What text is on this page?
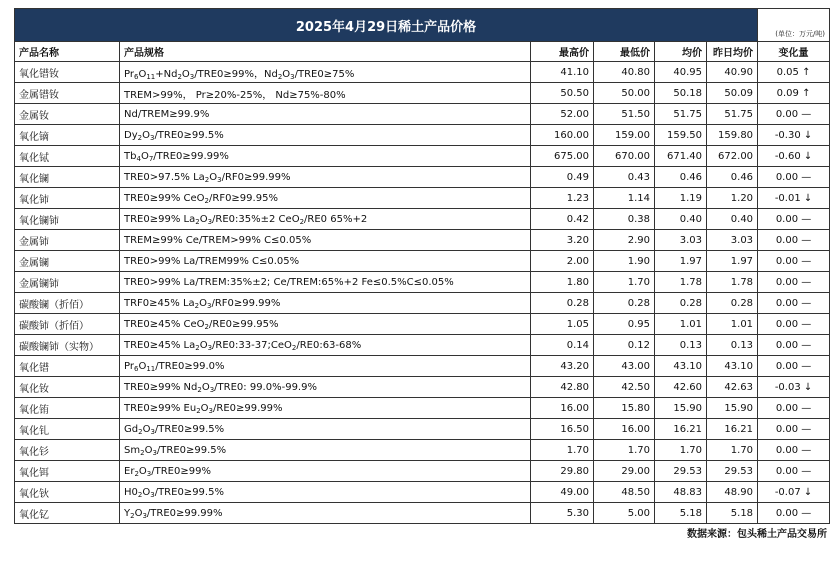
2025年4月29日稀土产品价格						(单位：万元/吨)
产品名称	产品规格	最高价	最低价	均价	昨日均价	变化量
氧化镨钕	$Pr_6O_{11}+Nd_2O_3/TRE0\ge 99\%$，$Nd_2O_3/TRE0\ge 75\%$	41.10	40.80	40.95	40.90	0.05 ↑
金属镨钕	TREM>99%， Pr≥20%-25%， Nd≥75%-80%	50.50	50.00	50.18	50.09	0.09 ↑
金属钕	Nd/TREM≥99.9%	52.00	51.50	51.75	51.75	0.00 —
氧化镝	$Dy_2O_3/TRE0\ge 99.5\%$	160.00	159.00	159.50	159.80	-0.30 ↓
氧化铽	$Tb_4O_7/TRE0\ge 99.99\%$	675.00	670.00	671.40	672.00	-0.60 ↓
氧化镧	TRE0>97.5% $La_2O_3/RF0\ge 99.99\%$	0.49	0.43	0.46	0.46	0.00 —
氧化铈	TRE0≥99% CeO$_2$/RF0≥99.95%	1.23	1.14	1.19	1.20	-0.01 ↓
氧化镧铈	TRE0≥99% $La_2O_3/RE0:35\%\pm 2$ CeO$_2$/RE0 65%+2	0.42	0.38	0.40	0.40	0.00 —
金属铈	TREM≥99% Ce/TREM>99% C≤0.05%	3.20	2.90	3.03	3.03	0.00 —
金属镧	TRE0>99% La/TREM99% C≤0.05%	2.00	1.90	1.97	1.97	0.00 —
金属镧铈	TRE0>99% La/TREM:35%±2; Ce/TREM:65%+2 Fe≤0.5%C≤0.05%	1.80	1.70	1.78	1.78	0.00 —
碳酸镧（折佰）	TRF0≥45% $La_2O_3/RF0\ge 99.99\%$	0.28	0.28	0.28	0.28	0.00 —
碳酸铈（折佰）	TRE0≥45% CeO$_2$/RE0≥99.95%	1.05	0.95	1.01	1.01	0.00 —
碳酸镧铈（实物）	TRE0≥45% $La_2O_3/RE0:33-37;CeO_2/RE0:63-68\%$	0.14	0.12	0.13	0.13	0.00 —
氧化镨	$Pr_6O_{11}/TRE0\ge 99.0\%$	43.20	43.00	43.10	43.10	0.00 —
氧化钕	TRE0≥99% $Nd_2O_3/TRE0$: 99.0%-99.9%	42.80	42.50	42.60	42.63	-0.03 ↓
氧化铕	TRE0≥99% $Eu_2O_3/RE0\ge 99.99\%$	16.00	15.80	15.90	15.90	0.00 —
氧化钆	$Gd_2O_3/TRE0\ge 99.5\%$	16.50	16.00	16.21	16.21	0.00 —
氧化钐	$Sm_2O_3/TRE0\ge 99.5\%$	1.70	1.70	1.70	1.70	0.00 —
氧化铒	$Er_2O_3/TRE0\ge 99\%$	29.80	29.00	29.53	29.53	0.00 —
氧化钬	$H0_2O_3/TRE0\ge 99.5\%$	49.00	48.50	48.83	48.90	-0.07 ↓
氧化钇	$Y_2O_3/TRE0\ge 99.99\%$	5.30	5.00	5.18	5.18	0.00 —
数据来源：包头稀土产品交易所
